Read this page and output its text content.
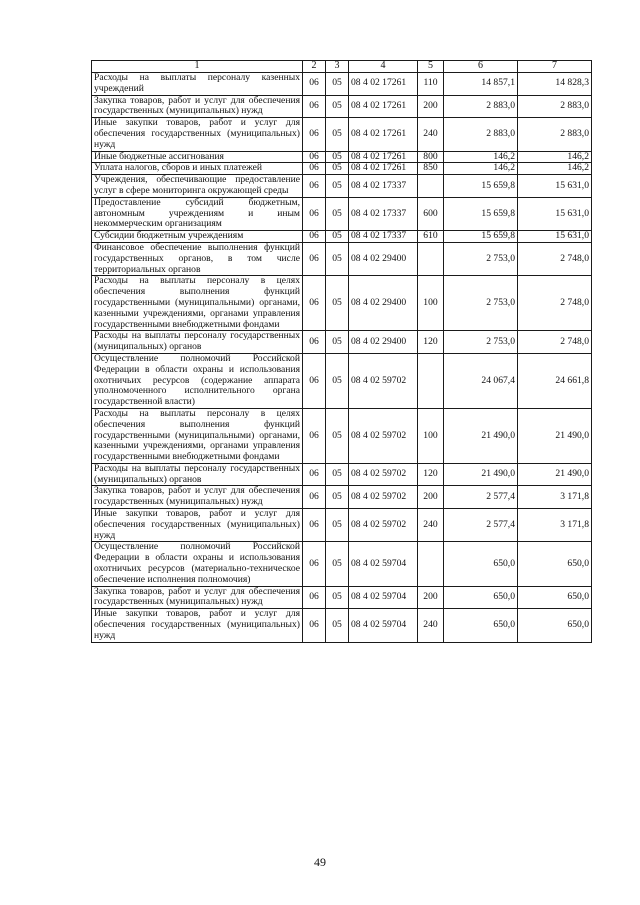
1	2	3	4	5	6	7
Расходы на выплаты персоналу казенных учреждений	06	05	08 4 02 17261	110	14 857,1	14 828,3
Закупка товаров, работ и услуг для обеспечения государственных (муниципальных) нужд	06	05	08 4 02 17261	200	2 883,0	2 883,0
Иные закупки товаров, работ и услуг для обеспечения государственных (муниципальных) нужд	06	05	08 4 02 17261	240	2 883,0	2 883,0
Иные бюджетные ассигнования	06	05	08 4 02 17261	800	146,2	146,2
Уплата налогов, сборов и иных платежей	06	05	08 4 02 17261	850	146,2	146,2
Учреждения, обеспечивающие предоставление услуг в сфере мониторинга окружающей среды	06	05	08 4 02 17337		15 659,8	15 631,0
Предоставление субсидий бюджетным, автономным учреждениям и иным некоммерческим организациям	06	05	08 4 02 17337	600	15 659,8	15 631,0
Субсидии бюджетным учреждениям	06	05	08 4 02 17337	610	15 659,8	15 631,0
Финансовое обеспечение выполнения функций государственных органов, в том числе территориальных органов	06	05	08 4 02 29400		2 753,0	2 748,0
Расходы на выплаты персоналу в целях обеспечения выполнения функций государственными (муниципальными) органами, казенными учреждениями, органами управления государственными внебюджетными фондами	06	05	08 4 02 29400	100	2 753,0	2 748,0
Расходы на выплаты персоналу государственных (муниципальных) органов	06	05	08 4 02 29400	120	2 753,0	2 748,0
Осуществление полномочий Российской Федерации в области охраны и использования охотничьих ресурсов (содержание аппарата уполномоченного исполнительного органа государственной власти)	06	05	08 4 02 59702		24 067,4	24 661,8
Расходы на выплаты персоналу в целях обеспечения выполнения функций государственными (муниципальными) органами, казенными учреждениями, органами управления государственными внебюджетными фондами	06	05	08 4 02 59702	100	21 490,0	21 490,0
Расходы на выплаты персоналу государственных (муниципальных) органов	06	05	08 4 02 59702	120	21 490,0	21 490,0
Закупка товаров, работ и услуг для обеспечения государственных (муниципальных) нужд	06	05	08 4 02 59702	200	2 577,4	3 171,8
Иные закупки товаров, работ и услуг для обеспечения государственных (муниципальных) нужд	06	05	08 4 02 59702	240	2 577,4	3 171,8
Осуществление полномочий Российской Федерации в области охраны и использования охотничьих ресурсов (материально-техническое обеспечение исполнения полномочия)	06	05	08 4 02 59704		650,0	650,0
Закупка товаров, работ и услуг для обеспечения государственных (муниципальных) нужд	06	05	08 4 02 59704	200	650,0	650,0
Иные закупки товаров, работ и услуг для обеспечения государственных (муниципальных) нужд	06	05	08 4 02 59704	240	650,0	650,0
49
